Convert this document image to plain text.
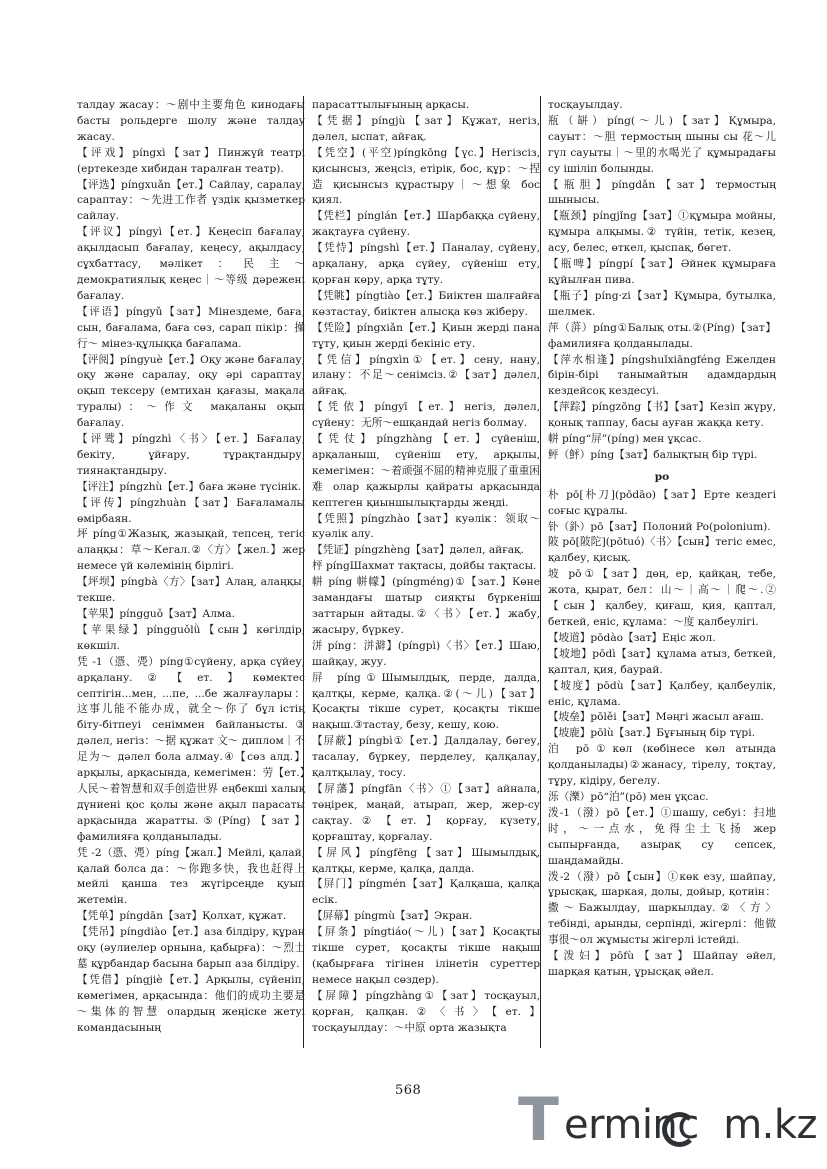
талдау жасау：～剧中主要角色 кинодағы басты рольдерге шолу және талдау жасау.

【评戏】píngxì【зат】Пинжүй театрі (ертекезде хибидан таралған театр).

【评选】píngxuǎn【ет.】Сайлау, саралау, сарaптау：～先进工作者 үздік қызметкер сайлау.

【评议】píngyì【ет.】Кеңесіп бағалау, ақылдасып бағалау, кеңесу, ақылдасу, сұхбаттасу, мәлікет：民主～ демократиялық кеңес｜～等级 дәрежені бағалау.

【评语】píngyǔ【зат】Мінездеме, баға, сын, бағалама, баға сөз, сарап пікір：操行～ мінез-құлыққа бағалама.

【评阅】píngyuè【ет.】Оқу және бағалау, оқу және саралау, оқу әрі сараптау, оқып тексеру (емтихан қағазы, мақала туралы)：～作文 мақаланы оқып бағалау.

【评骘】píngzhì〈书〉【ет.】Бағалау, бекіту, ұйғару, тұрақтандыру, тиянақтандыру.

【评注】píngzhù【ет.】баға және түсінік.

【评传】píngzhuàn【зат】Бағаламалы өмірбаян.

坪 píng①Жазық, жазықай, тепсең, тегіс алаңқы：草～Кегал.②〈方〉【жел.】жер немесе үй кәлемінің бірлігі.

【坪坝】píngbà〈方〉【зат】Алаң, алаңқы, текше.

【苹果】píngguǒ【зат】Алма.

【苹果绿】píngguǒlǜ【сын】көгілдір, көкшіл.

凭 -1（憑、凴）píng①сүйену, арқа сүйеу, арқалану.②【ет.】көмектес септігін...мен, ...пе, ...бе жалғаулары：这事儿能不能办成，就全～你了 бұл істің біту-бітпеуі сеніммен байланысты.③ дәлел, негіз：～据 құжат 文～ диплом｜不足为～ дәлел бола алмау.④【сөз алд.】арқылы, арқасында, кемегімен：劳【ет.】人民～着智慧和双手创造世界 еңбекші халық дүниені қос қолы және ақыл парасаты арқасында жаратты.⑤(Píng)【зат】фамилияға қолданылады.

凭 -2（憑、凴）píng【жал.】Мейлі, қалай, қалай болса да：～你跑多快，我也赶得上 мейлі қанша тез жүгірсеңде қуып жетемін.

【凭单】píngdān【зат】Қолхат, құжат.

【凭吊】píngdiào【ет.】аза білдіру, құран оқу (әулиелер орнына, қабырға)：～烈士墓 құрбандар басына барып аза білдіру.

【凭借】píngjiè【ет.】Арқылы, сүйеніп, көмегімен, арқасында：他们的成功主要是～集体的智慧 олардың жеңіске жетуі командасының

парасаттылығының арқасы.

【凭据】píngjù【зат】Құжат, негіз, дәлел, ыспат, айғақ.

【凭空】(平空)píngkōng【үс.】Негізсіз, қисынсыз, жеңсіз, етірік, бос, құр：～捏造 қисынсыз құрастыру｜～想象 бос қиял.

【凭栏】pínglán【ет.】Шарбаққа сүйену, жақтауға сүйену.

【凭恃】píngshì【ет.】Паналау, сүйену, арқалану, арқа сүйеу, сүйеніш ету, қорған көру, арқа тұту.

【凭眺】píngtiào【ет.】Биіктен шалғайға көзтастау, биіктен алысқа көз жіберу.

【凭险】píngxiǎn【ет.】Қиын жерді пана тұту, қиын жерді бекініс ету.

【凭信】píngxìn①【ет.】сену, нану, илану：不足～сенімсіз.②【зат】дәлел, айғақ.

【凭依】píngyī【ет.】негіз, дәлел, сүйену：无所～ешқандай негіз болмау.

【凭仗】píngzhàng【ет.】сүйеніш, арқаланыш, сүйеніш ету, арқылы, кемегімен：～着顽强不屈的精神克服了重重困难 олар қажырлы қайраты арқасында кептеген қиыншылықтарды жеңді.

【凭照】píngzhào【зат】куәлік：领取～куәлік алу.

【凭证】píngzhèng【зат】дәлел, айғақ.

枰 píngШахмат тақтасы, дойбы тақтасы.

帡 píng 帡幪】(píngméng)①【зат.】Көне замандағы шатыр сияқты бүркеніш заттарын айтады.②〈书〉【ет.】жабу, жасыру, бүркеу.

洴 píng：洴澼】(píngpì)〈书〉【ет.】Шаю, шайқау, жуу.

屏 píng①Шымылдық, перде, далда, қалтқы, керме, қалқа.②(～儿)【зат】Қосақты тікше сурет, қосақты тікше нақыш.③тастау, безу, кешу, кою.

【屏蔽】píngbì①【ет.】Далдалау, бөгеу, тасалау, бүркеу, перделеу, қалқалау, қалтқылау, тосу.

【屏藩】píngfān〈书〉①【зат】айнала, төңірек, маңай, атырап, жер, жер-су сақтау.②【ет.】қорғау, күзету, қорғаштау, қорғалау.

【屏风】píngfēng【зат】Шымылдық, қалтқы, керме, қалқа, далда.

【屏门】píngmén【зат】Қалқаша, қалқа есік.

【屏幕】píngmù【зат】Экран.

【屏条】píngtiáo(～儿)【зат】Қосақты тікше сурет, қосақты тікше нақыш (қабырғаға тігінен ілінетін суреттер немесе нақыл сөздер).

【屏障】píngzhàng①【зат】тосқауыл, қорған, қалқан.②〈书〉【ет.】тосқауылдау：～中原 орта жазықта

тосқауылдау.

瓶（缾）píng(～儿)【зат】Құмыра, сауыт：～胆 термостың шыны сы 花～儿 гүл сауыты｜～里的水喝光了 құмырадағы су ішіліп болынды.

【瓶胆】píngdǎn【зат】термостың шынысы.

【瓶颈】píngjǐng【зат】①құмыра мойны, құмыра алқымы.② түйін, тетік, кезең, асу, белес, өткел, қыспақ, бөгет.

【瓶啤】píngpí【зат】Әйнек құмыраға құйылған пива.

【瓶子】píng·zi【зат】Құмыра, бутылка, шелмек.

萍（蓱）píng①Балық оты.②(Píng)【зат】фамилияға қолданылады.

【萍水相逢】píngshuǐxiāngféng Ежелден бірін-бірі танымайтын адамдардың кездейсоқ кездесуі.

【萍踪】píngzōng【书】【зат】Кезіп жүру, қонық таппау, басы ауған жаққа кету.

帡 píng“屏”(píng) мен ұқсас.

鲆（鮃）píng【зат】балықтың бір түрі.

po

朴 pō[朴刀](pōdāo)【зат】Ерте кездегі соғыс құралы.

钋（釙）pō【зат】Полоний Po(polonium).

陂 pō[陂陀](pōtuó)〈书〉【сын】тегіс емес, қалбеу, қисық.

坡 pō①【зат】дөң, ер, қайқаң, тебе, жота, қырат, бел：山～｜高～｜爬～.②【сын】қалбеу, қиғаш, қия, қаптал, беткей, еніс, құлама：～度 қалбеулігі.

【坡道】pōdào【зат】Еңіс жол.

【坡地】pōdì【зат】құлама атыз, беткей, қаптал, қия, баурай.

【坡度】pōdù【зат】Қалбеу, қалбеулік, еніс, құлама.

【坡垒】pōlěi【зат】Мәңгі жасыл ағаш.

【坡鹿】pōlù【зат.】Бұғының бір түрі.

泊 pō①көл (көбінесе көл атында қолданылады)②жанасу, тірелу, тоқтау, тұру, кідіру, бегелу.

泺（濼）pō“泊”(pō) мен ұқсас.

泼-1（潑）pō【ет.】①шашу, себуі：扫地时，～一点水，免得尘土飞扬 жер сыпырғанда, азырақ су сепсек, шаңдамайды.

泼-2（潑）pō【сын】①көк езу, шайпау, ұрысқақ, шаркая, долы, дойыр, қотиін：撒～Бажылдау, шаркылдау.②〈方〉тебінді, арынды, серпінді, жігерлі：他做事很～ол жұмысты жігерлі істейді.

【泼妇】pōfù【зат】Шайпау әйел, шарқая қатын, ұрысқақ әйел.

568 T erminc  m.kz
